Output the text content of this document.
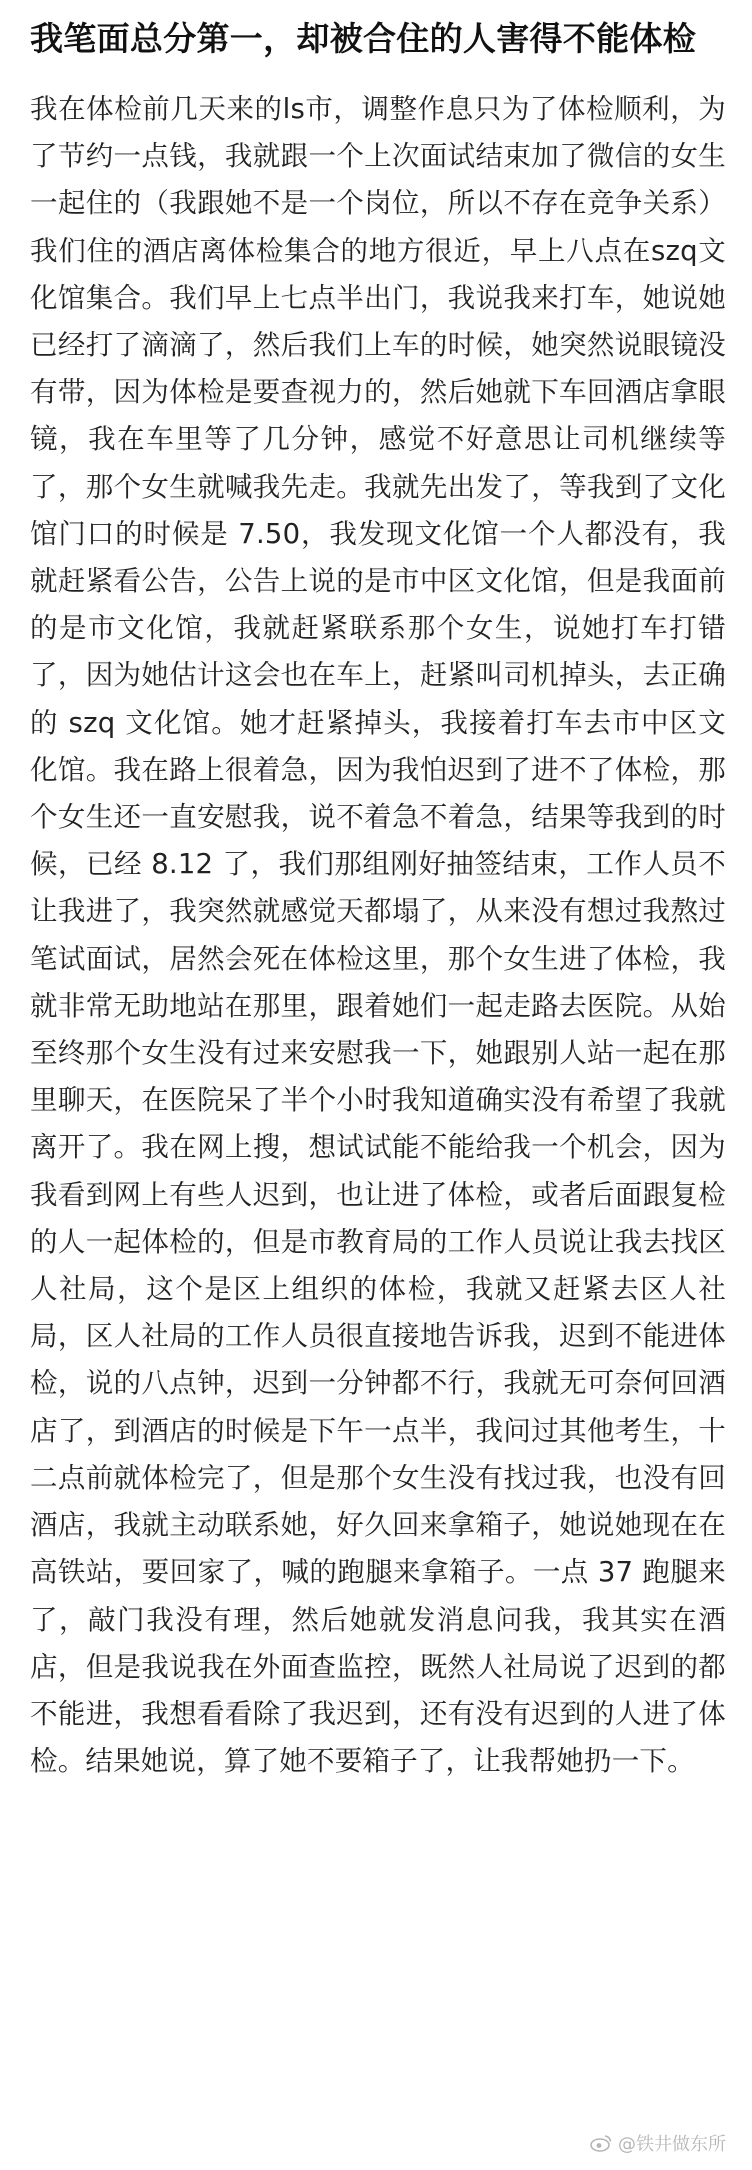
我笔面总分第一，却被合住的人害得不能体检

我在体检前几天来的ls市，调整作息只为了体检顺利，为了节约一点钱，我就跟一个上次面试结束加了微信的女生一起住的（我跟她不是一个岗位，所以不存在竞争关系）我们住的酒店离体检集合的地方很近，早上八点在szq文化馆集合。我们早上七点半出门，我说我来打车，她说她已经打了滴滴了，然后我们上车的时候，她突然说眼镜没有带，因为体检是要查视力的，然后她就下车回酒店拿眼镜，我在车里等了几分钟，感觉不好意思让司机继续等了，那个女生就喊我先走。我就先出发了，等我到了文化馆门口的时候是 7.50，我发现文化馆一个人都没有，我就赶紧看公告，公告上说的是市中区文化馆，但是我面前的是市文化馆，我就赶紧联系那个女生，说她打车打错了，因为她估计这会也在车上，赶紧叫司机掉头，去正确的 szq 文化馆。她才赶紧掉头，我接着打车去市中区文化馆。我在路上很着急，因为我怕迟到了进不了体检，那个女生还一直安慰我，说不着急不着急，结果等我到的时候，已经 8.12 了，我们那组刚好抽签结束，工作人员不让我进了，我突然就感觉天都塌了，从来没有想过我熬过笔试面试，居然会死在体检这里，那个女生进了体检，我就非常无助地站在那里，跟着她们一起走路去医院。从始至终那个女生没有过来安慰我一下，她跟别人站一起在那里聊天，在医院呆了半个小时我知道确实没有希望了我就离开了。我在网上搜，想试试能不能给我一个机会，因为我看到网上有些人迟到，也让进了体检，或者后面跟复检的人一起体检的，但是市教育局的工作人员说让我去找区人社局，这个是区上组织的体检，我就又赶紧去区人社局，区人社局的工作人员很直接地告诉我，迟到不能进体检，说的八点钟，迟到一分钟都不行，我就无可奈何回酒店了，到酒店的时候是下午一点半，我问过其他考生，十二点前就体检完了，但是那个女生没有找过我，也没有回酒店，我就主动联系她，好久回来拿箱子，她说她现在在高铁站，要回家了，喊的跑腿来拿箱子。一点 37 跑腿来了，敲门我没有理，然后她就发消息问我，我其实在酒店，但是我说我在外面查监控，既然人社局说了迟到的都不能进，我想看看除了我迟到，还有没有迟到的人进了体检。结果她说，算了她不要箱子了，让我帮她扔一下。

@铁井做东所
